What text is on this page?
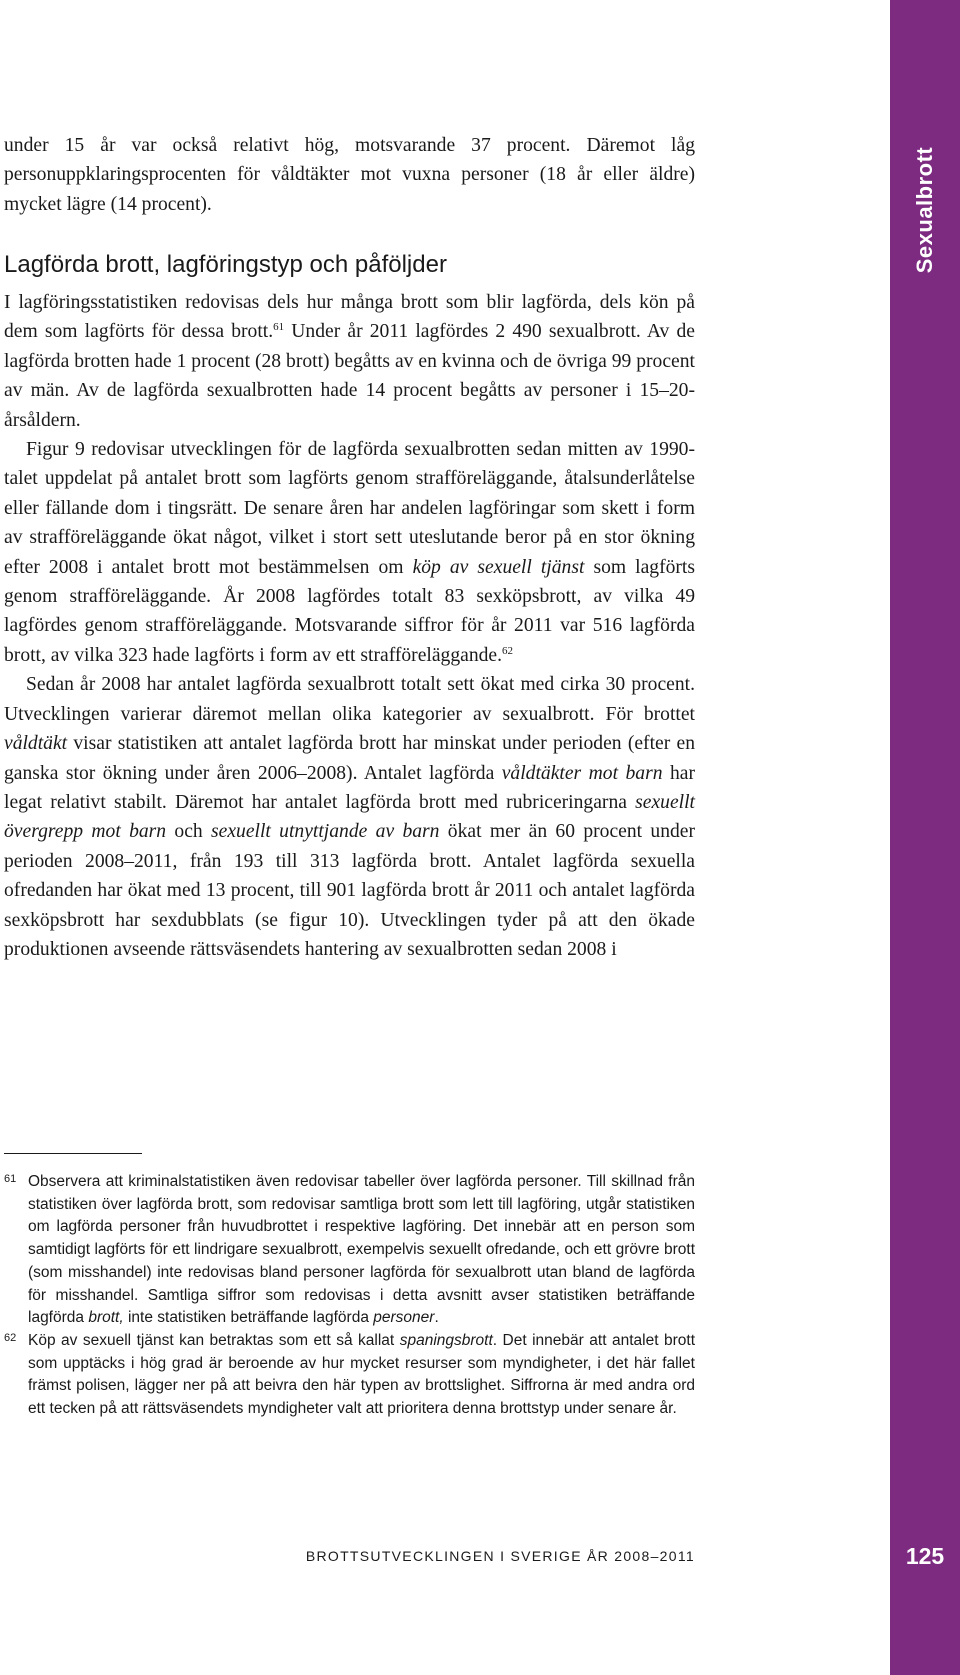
Sexualbrott
125

under 15 år var också relativt hög, motsvarande 37 procent. Däremot låg personuppklaringsprocenten för våldtäkter mot vuxna personer (18 år eller äldre) mycket lägre (14 procent).

Lagförda brott, lagföringstyp och påföljder

I lagföringsstatistiken redovisas dels hur många brott som blir lagförda, dels kön på dem som lagförts för dessa brott.$^{61}$ Under år 2011 lagfördes 2 490 sexualbrott. Av de lagförda brotten hade 1 procent (28 brott) begåtts av en kvinna och de övriga 99 procent av män. Av de lagförda sexualbrotten hade 14 procent begåtts av personer i 15–20-årsåldern.

Figur 9 redovisar utvecklingen för de lagförda sexualbrotten sedan mitten av 1990-talet uppdelat på antalet brott som lagförts genom strafföreläggande, åtalsunderlåtelse eller fällande dom i tingsrätt. De senare åren har andelen lagföringar som skett i form av strafföreläggande ökat något, vilket i stort sett uteslutande beror på en stor ökning efter 2008 i antalet brott mot bestämmelsen om köp av sexuell tjänst som lagförts genom strafföreläggande. År 2008 lagfördes totalt 83 sexköpsbrott, av vilka 49 lagfördes genom strafföreläggande. Motsvarande siffror för år 2011 var 516 lagförda brott, av vilka 323 hade lagförts i form av ett strafföreläggande.$^{62}$

Sedan år 2008 har antalet lagförda sexualbrott totalt sett ökat med cirka 30 procent. Utvecklingen varierar däremot mellan olika kategorier av sexualbrott. För brottet våldtäkt visar statistiken att antalet lagförda brott har minskat under perioden (efter en ganska stor ökning under åren 2006–2008). Antalet lagförda våldtäkter mot barn har legat relativt stabilt. Däremot har antalet lagförda brott med rubriceringarna sexuellt övergrepp mot barn och sexuellt utnyttjande av barn ökat mer än 60 procent under perioden 2008–2011, från 193 till 313 lagförda brott. Antalet lagförda sexuella ofredanden har ökat med 13 procent, till 901 lagförda brott år 2011 och antalet lagförda sexköpsbrott har sexdubblats (se figur 10). Utvecklingen tyder på att den ökade produktionen avseende rättsväsendets hantering av sexualbrotten sedan 2008 i

61 Observera att kriminalstatistiken även redovisar tabeller över lagförda personer. Till skillnad från statistiken över lagförda brott, som redovisar samtliga brott som lett till lagföring, utgår statistiken om lagförda personer från huvudbrottet i respektive lagföring. Det innebär att en person som samtidigt lagförts för ett lindrigare sexualbrott, exempelvis sexuellt ofredande, och ett grövre brott (som misshandel) inte redovisas bland personer lagförda för sexualbrott utan bland de lagförda för misshandel. Samtliga siffror som redovisas i detta avsnitt avser statistiken beträffande lagförda brott, inte statistiken beträffande lagförda personer.
62 Köp av sexuell tjänst kan betraktas som ett så kallat spaningsbrott. Det innebär att antalet brott som upptäcks i hög grad är beroende av hur mycket resurser som myndigheter, i det här fallet främst polisen, lägger ner på att beivra den här typen av brottslighet. Siffrorna är med andra ord ett tecken på att rättsväsendets myndigheter valt att prioritera denna brottstyp under senare år.
BROTTSUTVECKLINGEN I SVERIGE ÅR 2008–2011
